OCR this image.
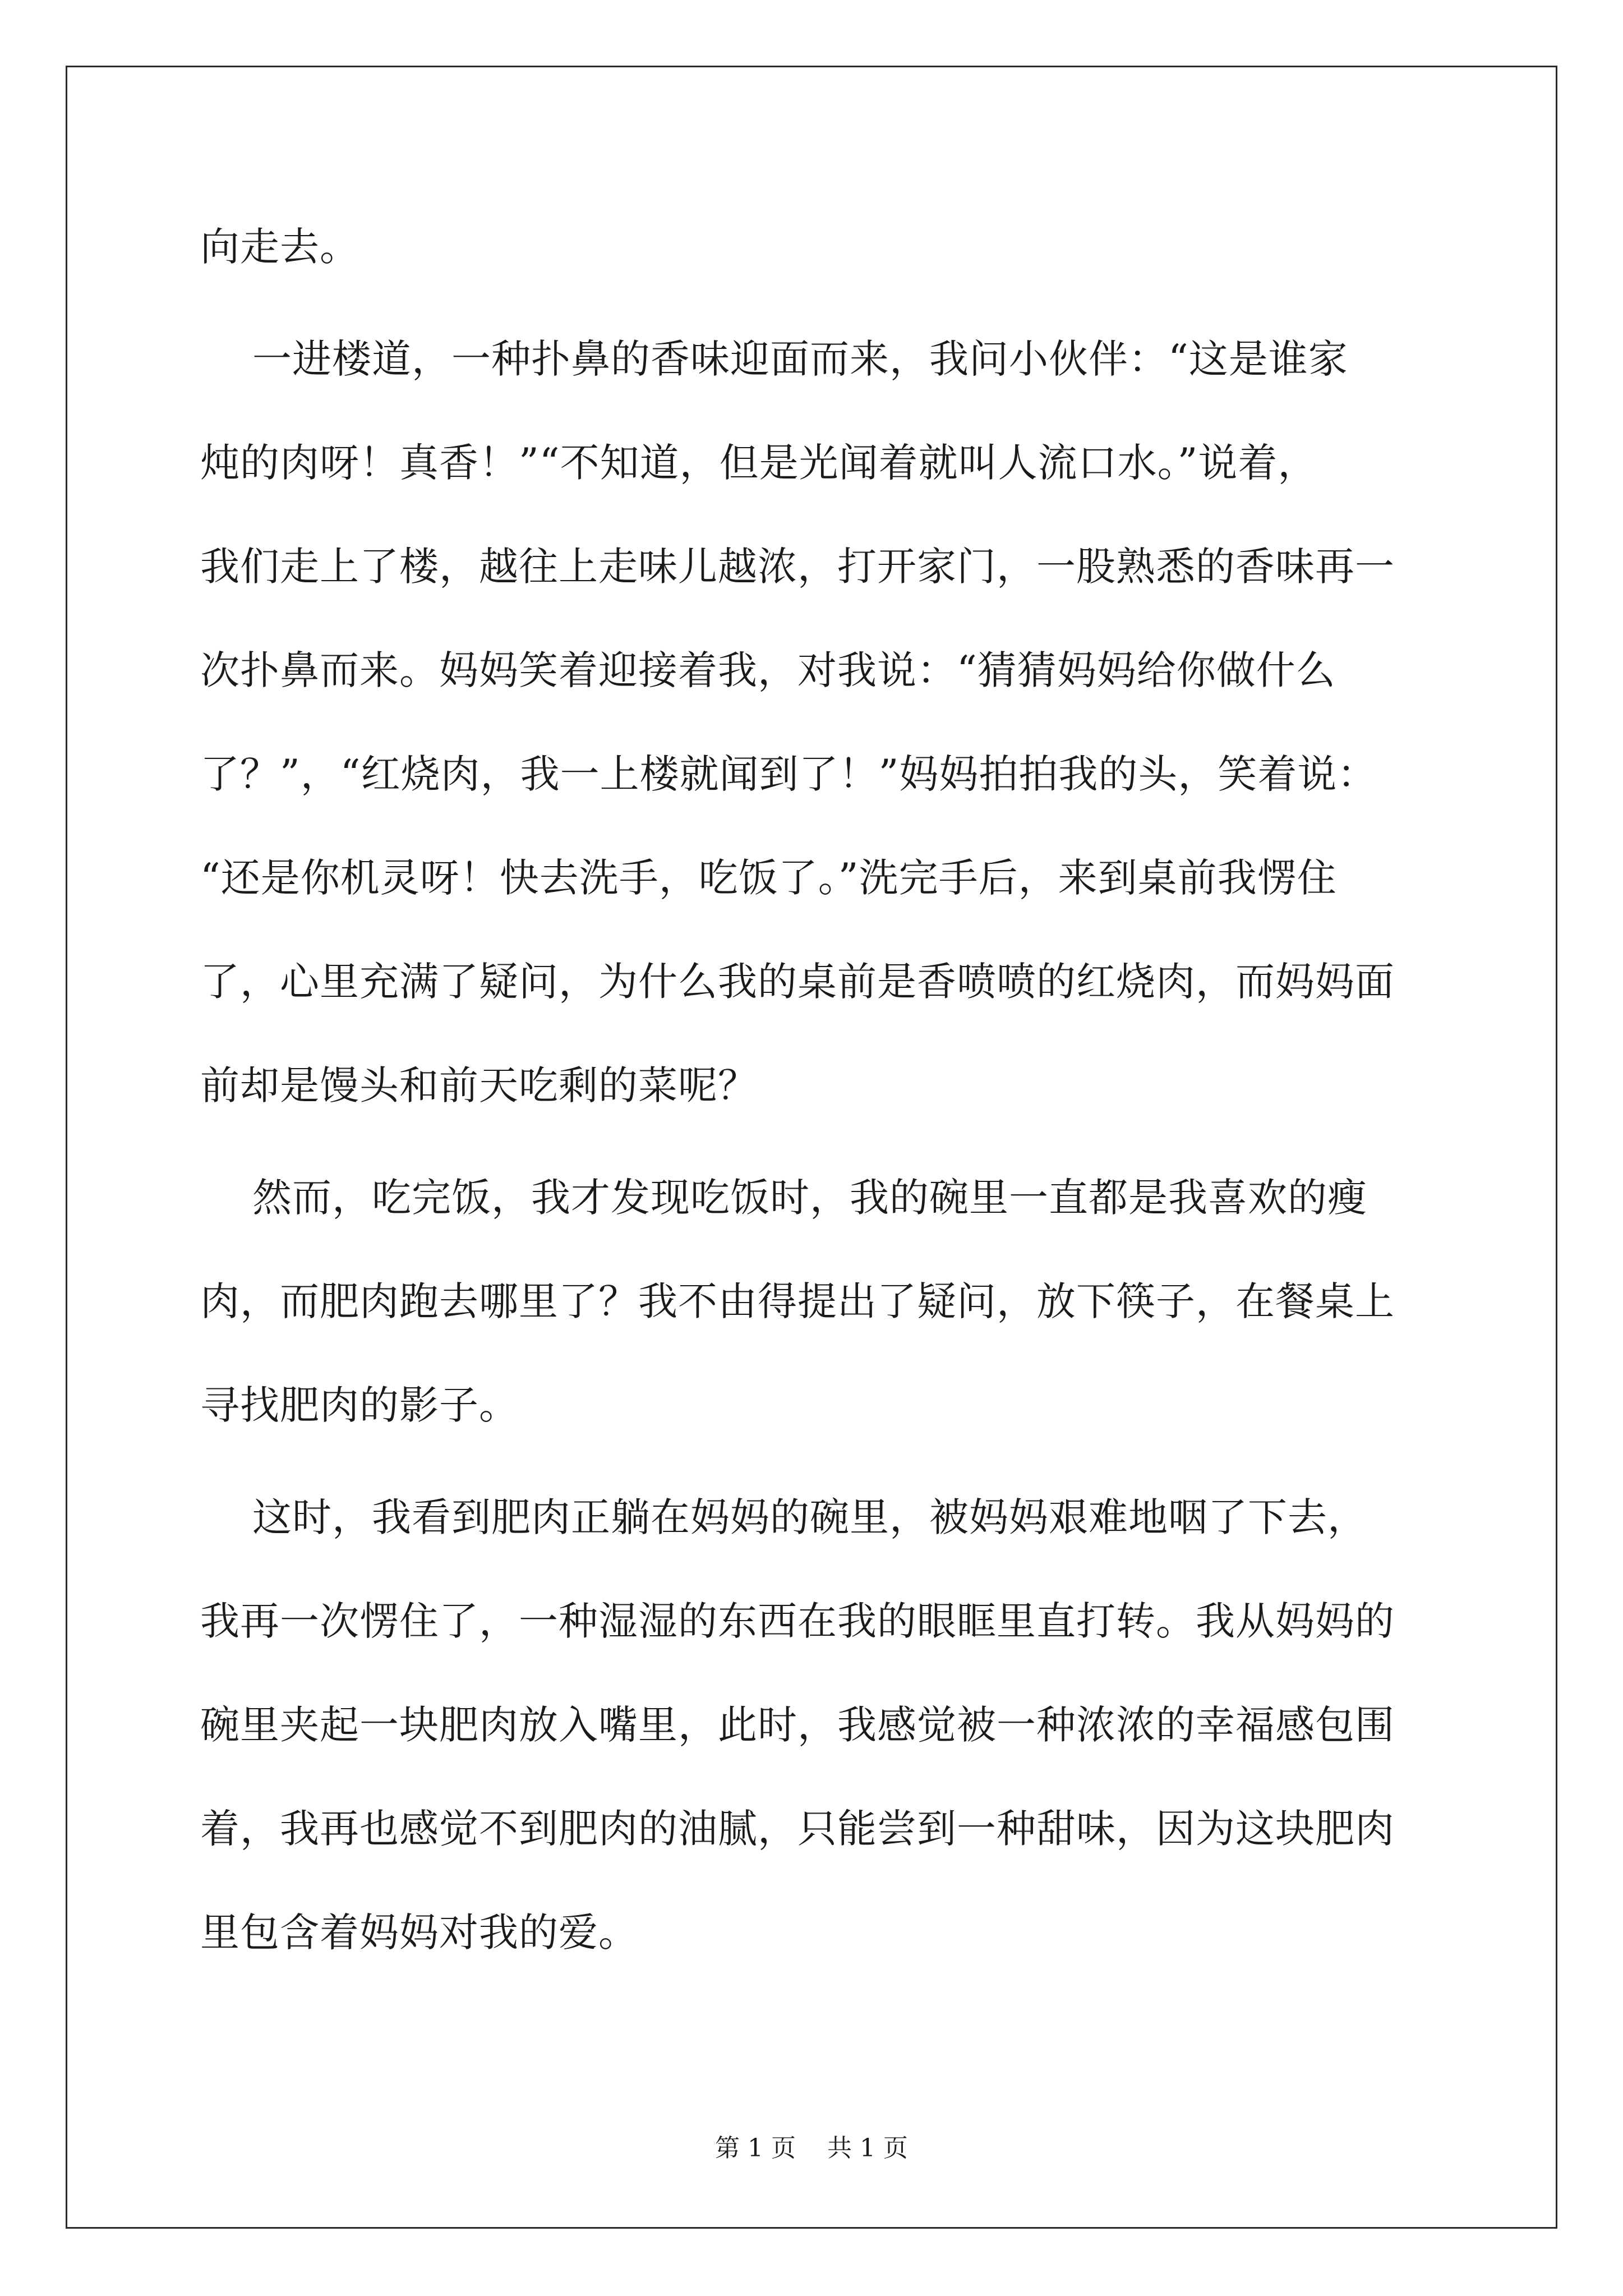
向走去。
一进楼道，一种扑鼻的香味迎面而来，我问小伙伴：“这是谁家
炖的肉呀！真香！”“不知道，但是光闻着就叫人流口水。”说着，
我们走上了楼，越往上走味儿越浓，打开家门，一股熟悉的香味再一
次扑鼻而来。妈妈笑着迎接着我，对我说：“猜猜妈妈给你做什么
了？”，“红烧肉，我一上楼就闻到了！”妈妈拍拍我的头，笑着说：
“还是你机灵呀！快去洗手，吃饭了。”洗完手后，来到桌前我愣住
了，心里充满了疑问，为什么我的桌前是香喷喷的红烧肉，而妈妈面
前却是馒头和前天吃剩的菜呢？
然而，吃完饭，我才发现吃饭时，我的碗里一直都是我喜欢的瘦
肉，而肥肉跑去哪里了？我不由得提出了疑问，放下筷子，在餐桌上
寻找肥肉的影子。
这时，我看到肥肉正躺在妈妈的碗里，被妈妈艰难地咽了下去，
我再一次愣住了，一种湿湿的东西在我的眼眶里直打转。我从妈妈的
碗里夹起一块肥肉放入嘴里，此时，我感觉被一种浓浓的幸福感包围
着，我再也感觉不到肥肉的油腻，只能尝到一种甜味，因为这块肥肉
里包含着妈妈对我的爱。
第 1 页    共 1 页
